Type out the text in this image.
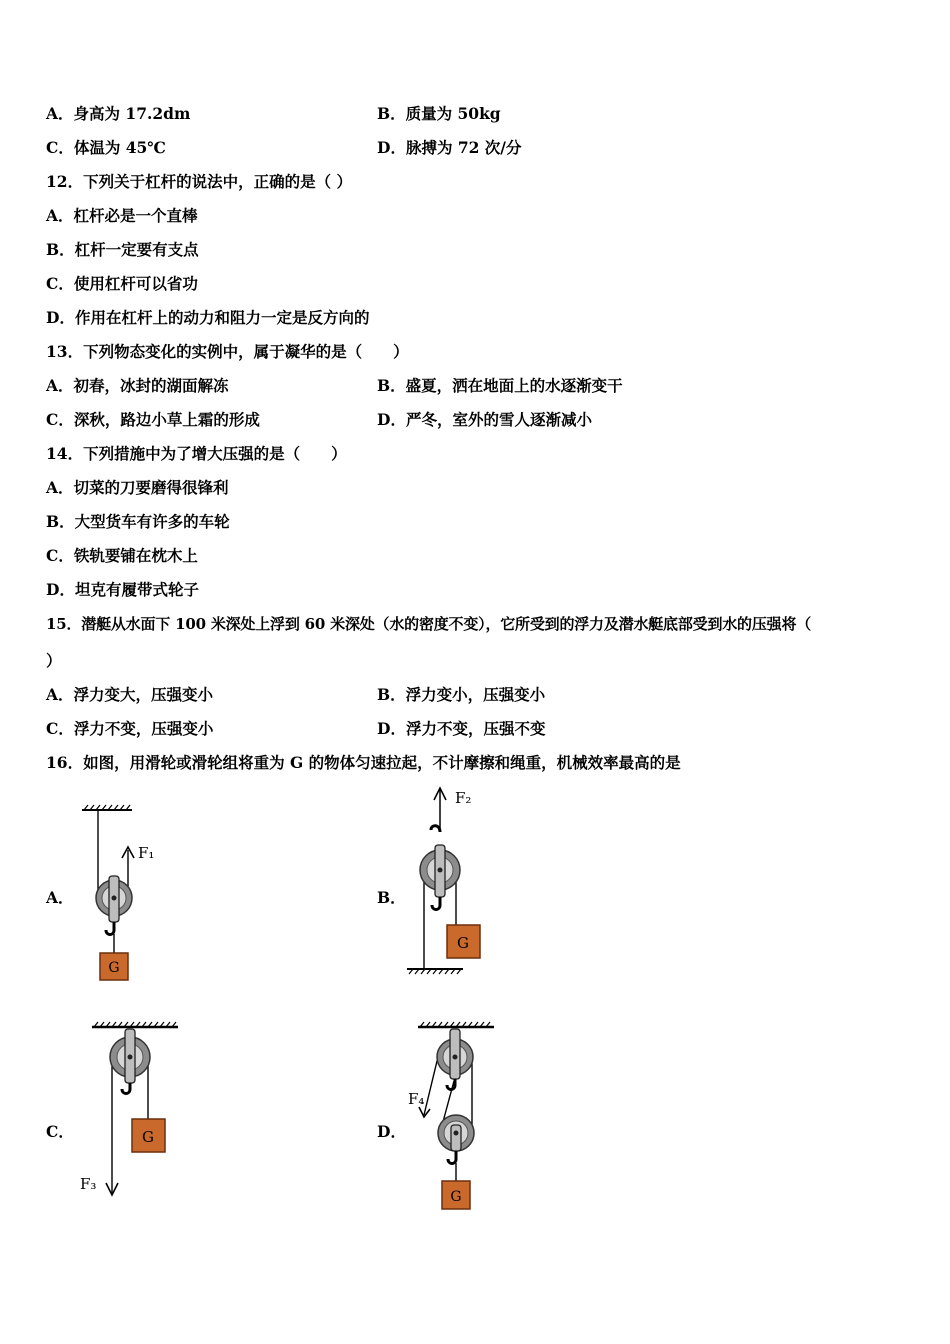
A．身高为 17.2dm	B．质量为 50kg
C．体温为 45℃	D．脉搏为 72 次/分
12．下列关于杠杆的说法中，正确的是（ ）
A．杠杆必是一个直棒
B．杠杆一定要有支点
C．使用杠杆可以省功
D．作用在杠杆上的动力和阻力一定是反方向的
13．下列物态变化的实例中，属于凝华的是（　　）
A．初春，冰封的湖面解冻	B．盛夏，洒在地面上的水逐渐变干
C．深秋，路边小草上霜的形成	D．严冬，室外的雪人逐渐减小
14．下列措施中为了增大压强的是（　　）
A．切菜的刀要磨得很锋利
B．大型货车有许多的车轮
C．铁轨要铺在枕木上
D．坦克有履带式轮子
15．潜艇从水面下 100 米深处上浮到 60 米深处（水的密度不变），它所受到的浮力及潜水艇底部受到水的压强将（
）
A．浮力变大，压强变小	B．浮力变小，压强变小
C．浮力不变，压强变小	D．浮力不变，压强不变
16．如图，用滑轮或滑轮组将重为 G 的物体匀速拉起，不计摩擦和绳重，机械效率最高的是
A．	B．
C．	D．
F₁
G
F₂
G
F₃
G
F₄
G
